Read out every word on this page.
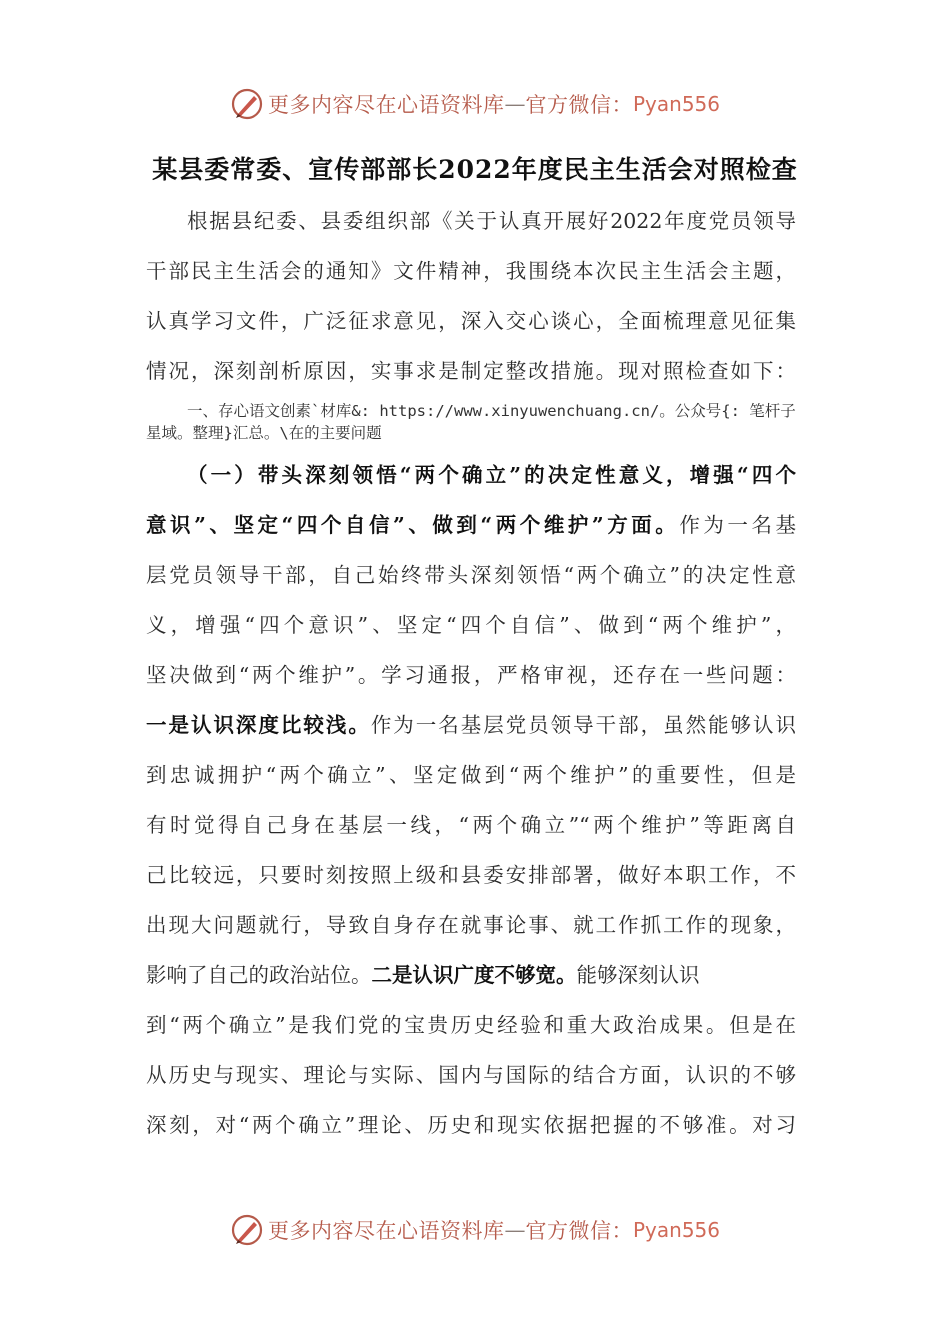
更多内容尽在心语资料库 — 官方微信： Pyan556
某县委常委、宣传部部长2022年度民主生活会对照检查
根据县纪委、县委组织部《关于认真开展好2022年度党员领导
干部民主生活会的通知》文件精神，我围绕本次民主生活会主题，
认真学习文件，广泛征求意见，深入交心谈心，全面梳理意见征集
情况，深刻剖析原因，实事求是制定整改措施。现对照检查如下：
一、存心语文创素`材库&: https://www.xinyuwenchuang.cn/。公众号{: 笔杆子
星域。整理}汇总。\在的主要问题
（一）带头深刻领悟“两个确立”的决定性意义，增强“四个
意识”、坚定“四个自信”、做到“两个维护”方面。作为一名基
层党员领导干部，自己始终带头深刻领悟“两个确立”的决定性意
义，增强“四个意识”、坚定“四个自信”、做到“两个维护”，
坚决做到“两个维护”。学习通报，严格审视，还存在一些问题：
一是认识深度比较浅。作为一名基层党员领导干部，虽然能够认识
到忠诚拥护“两个确立”、坚定做到“两个维护”的重要性，但是
有时觉得自己身在基层一线，“两个确立”“两个维护”等距离自
己比较远，只要时刻按照上级和县委安排部署，做好本职工作，不
出现大问题就行，导致自身存在就事论事、就工作抓工作的现象，
影响了自己的政治站位。二是认识广度不够宽。能够深刻认识
到“两个确立”是我们党的宝贵历史经验和重大政治成果。但是在
从历史与现实、理论与实际、国内与国际的结合方面，认识的不够
深刻，对“两个确立”理论、历史和现实依据把握的不够准。对习
更多内容尽在心语资料库 — 官方微信： Pyan556
